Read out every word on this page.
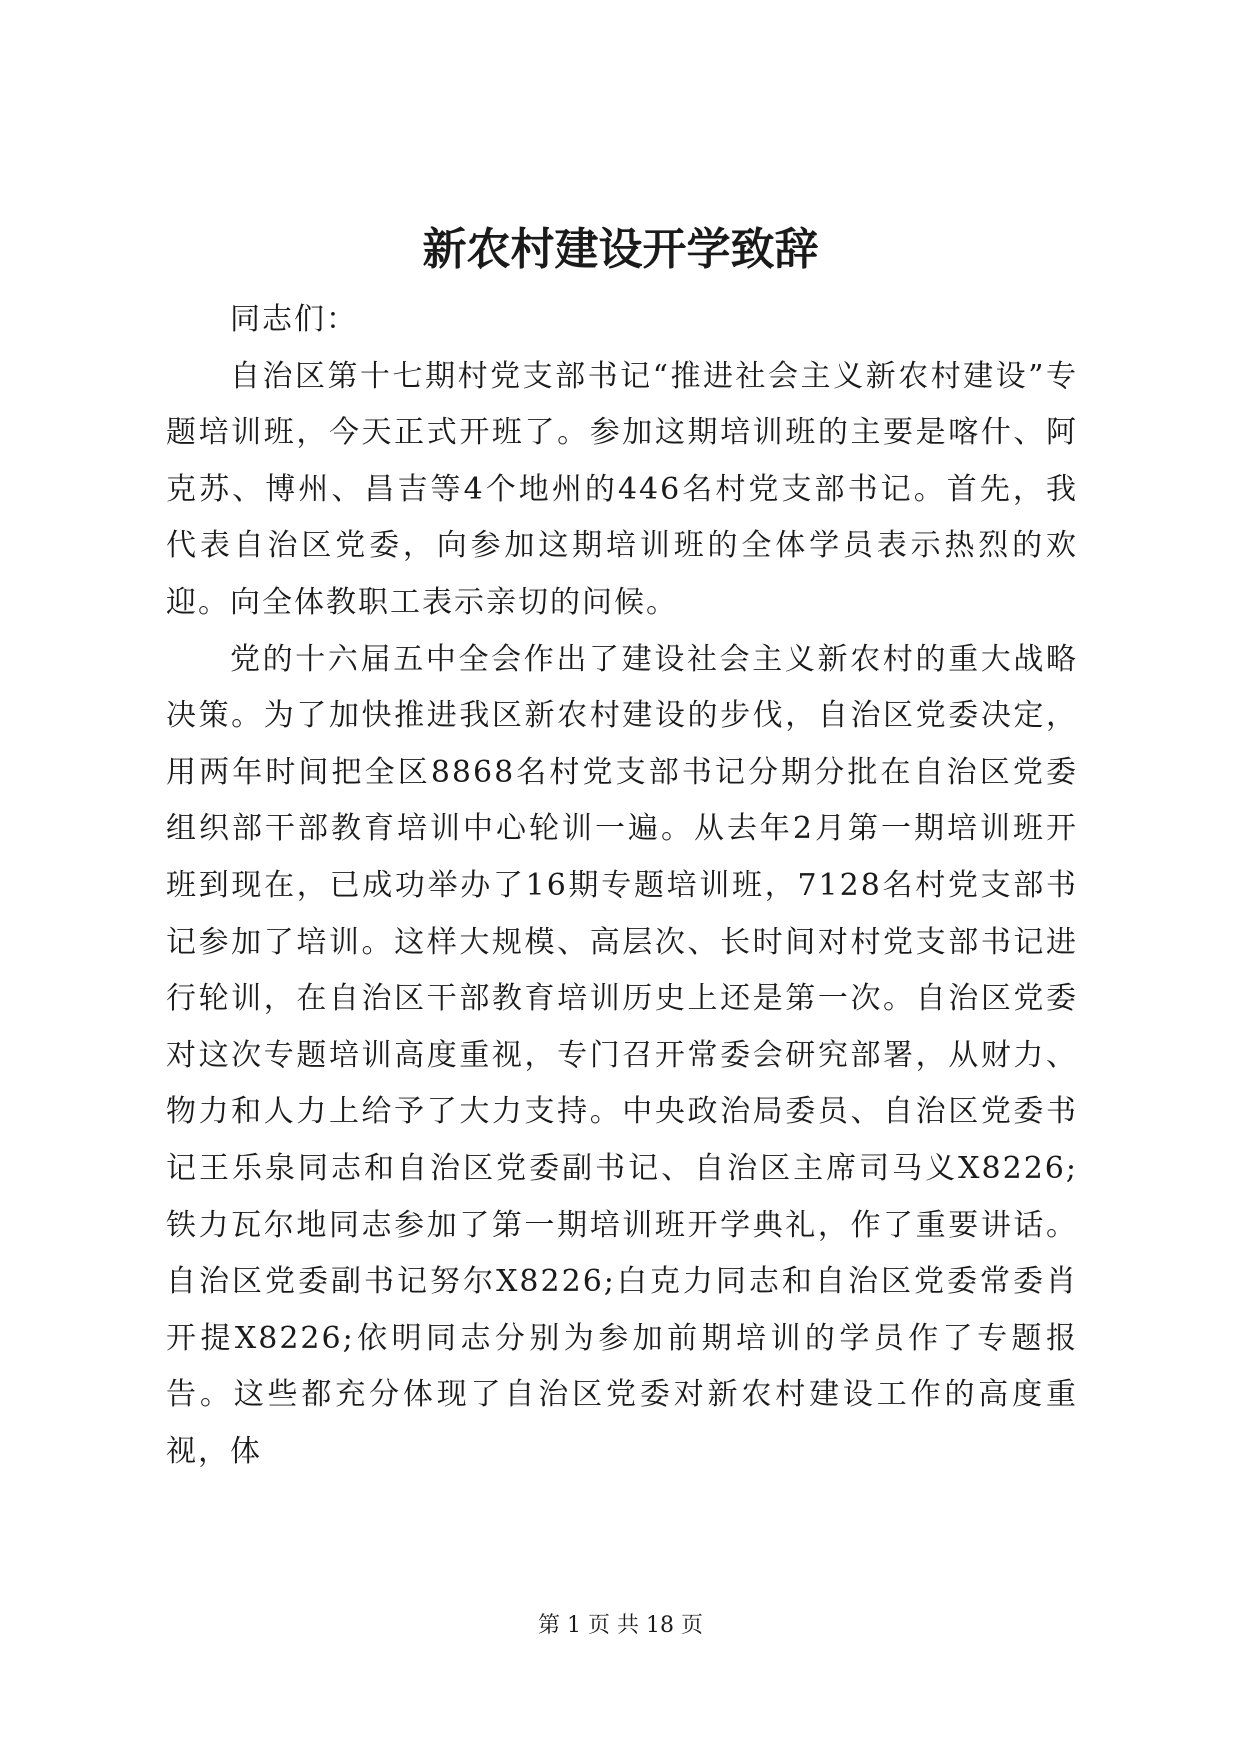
新农村建设开学致辞

同志们：

自治区第十七期村党支部书记“推进社会主义新农村建设”专题培训班，今天正式开班了。参加这期培训班的主要是喀什、阿克苏、博州、昌吉等4个地州的446名村党支部书记。首先，我代表自治区党委，向参加这期培训班的全体学员表示热烈的欢迎。向全体教职工表示亲切的问候。

党的十六届五中全会作出了建设社会主义新农村的重大战略决策。为了加快推进我区新农村建设的步伐，自治区党委决定，用两年时间把全区8868名村党支部书记分期分批在自治区党委组织部干部教育培训中心轮训一遍。从去年2月第一期培训班开班到现在，已成功举办了16期专题培训班，7128名村党支部书记参加了培训。这样大规模、高层次、长时间对村党支部书记进行轮训，在自治区干部教育培训历史上还是第一次。自治区党委对这次专题培训高度重视，专门召开常委会研究部署，从财力、物力和人力上给予了大力支持。中央政治局委员、自治区党委书记王乐泉同志和自治区党委副书记、自治区主席司马义X8226;铁力瓦尔地同志参加了第一期培训班开学典礼，作了重要讲话。自治区党委副书记努尔X8226;白克力同志和自治区党委常委肖开提X8226;依明同志分别为参加前期培训的学员作了专题报告。这些都充分体现了自治区党委对新农村建设工作的高度重视，体

第 1 页 共 18 页
